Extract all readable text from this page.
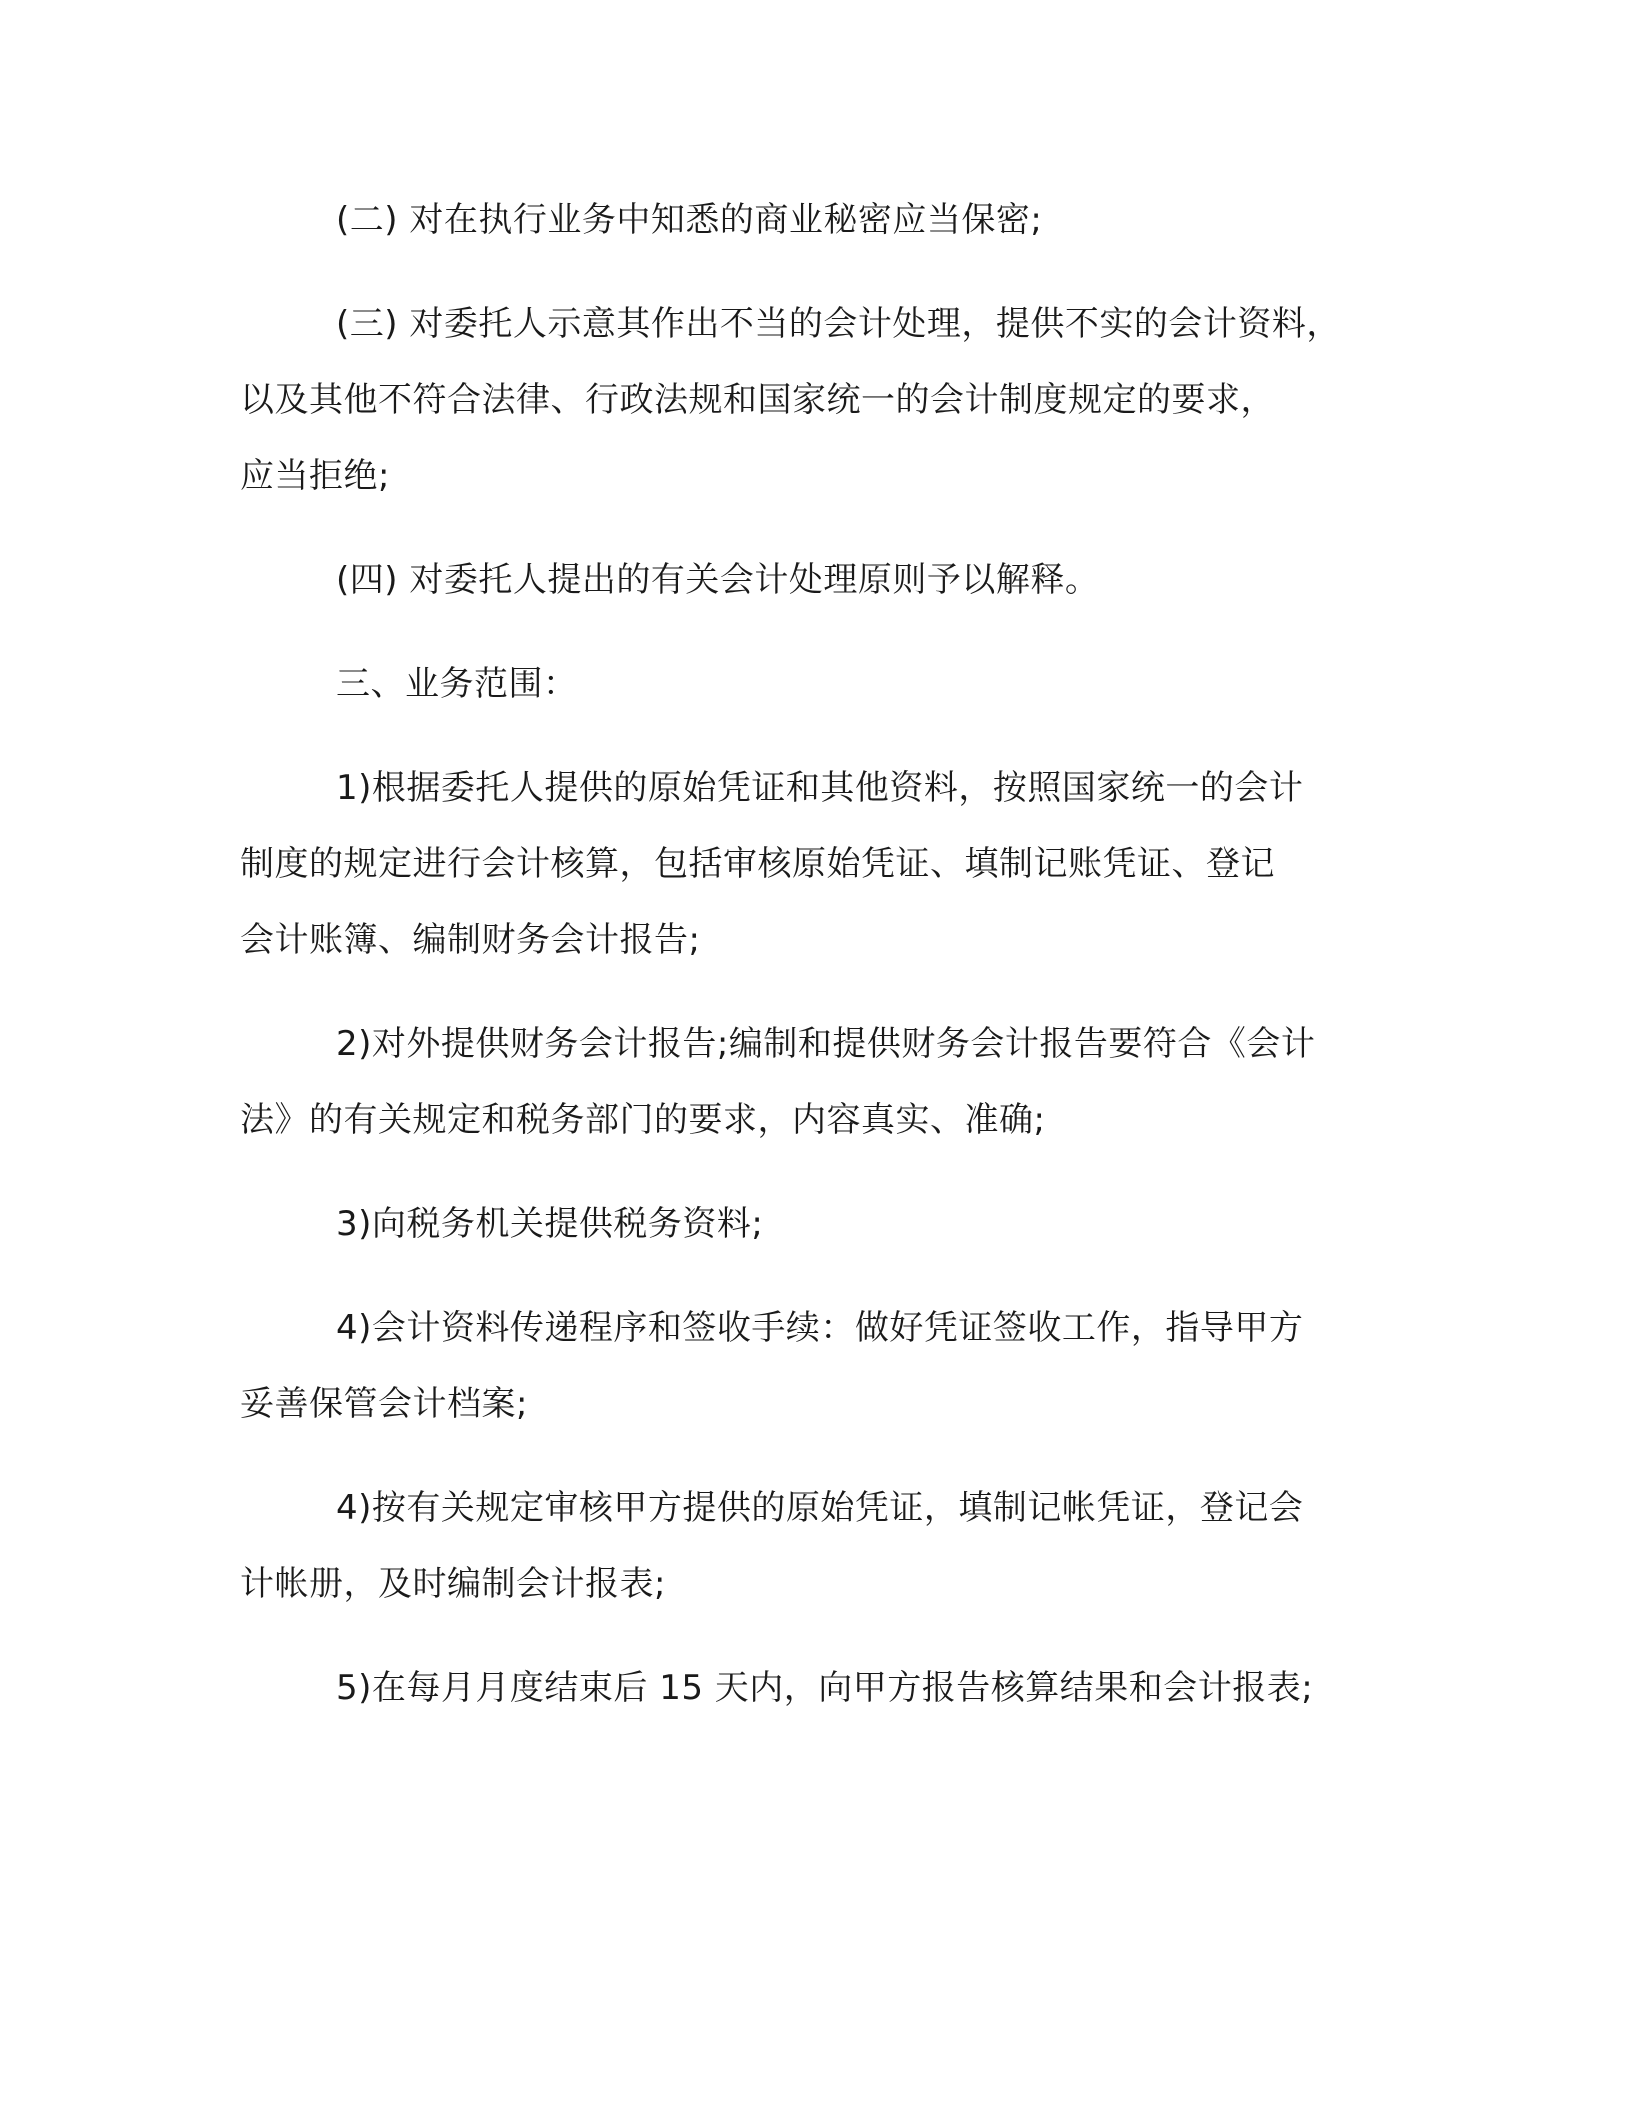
(二) 对在执行业务中知悉的商业秘密应当保密;

(三) 对委托人示意其作出不当的会计处理，提供不实的会计资料，
以及其他不符合法律、行政法规和国家统一的会计制度规定的要求，
应当拒绝;

(四) 对委托人提出的有关会计处理原则予以解释。

三、业务范围：

1)根据委托人提供的原始凭证和其他资料，按照国家统一的会计
制度的规定进行会计核算，包括审核原始凭证、填制记账凭证、登记
会计账簿、编制财务会计报告;

2)对外提供财务会计报告;编制和提供财务会计报告要符合《会计
法》的有关规定和税务部门的要求，内容真实、准确;

3)向税务机关提供税务资料;

4)会计资料传递程序和签收手续：做好凭证签收工作，指导甲方
妥善保管会计档案;

4)按有关规定审核甲方提供的原始凭证，填制记帐凭证，登记会
计帐册，及时编制会计报表;

5)在每月月度结束后 15 天内，向甲方报告核算结果和会计报表;
